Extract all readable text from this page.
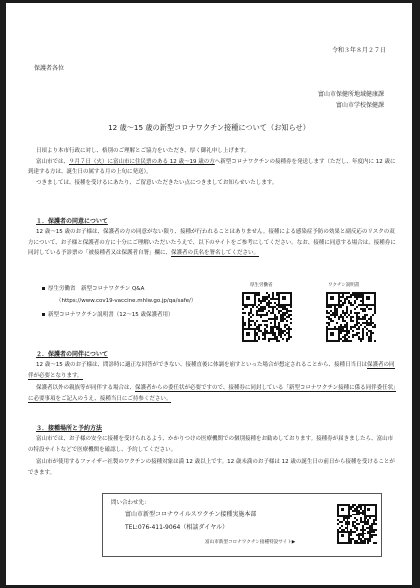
令和３年８月２７日
保護者各位
富山市保健所地域健康課
富山市学校保健課
12 歳～15 歳の新型コロナワクチン接種について（お知らせ）
日頃より本市行政に対し、格別のご理解とご協力をいただき、厚く御礼申し上げます。
富山市では、９月７日（火）に富山市に住民票のある 12 歳～19 歳の方へ新型コロナワクチンの接種券を発送します（ただし、年度内に 12 歳に到達する方は、誕生日の属する月の上旬に発送）。
つきましては、接種を受けるにあたり、ご留意いただきたい点につきましてお知らせいたします。
１．保護者の同意について
12 歳～15 歳のお子様は、保護者の方の同意がない限り、接種が行われることはありません。接種による感染症予防の効果と副反応のリスクの双方について、お子様と保護者の方に十分にご理解いただいたうえで、以下のサイトをご参考にしてください。なお、接種に同意する場合は、接種券に同封している予診票の「被接種者又は保護者自署」欄に、保護者の氏名を署名してください。
厚生労働省　新型コロナワクチン Q&A
（https://www.cov19-vaccine.mhlw.go.jp/qa/safe/）
新型コロナワクチン説明書（12～15 歳保護者用）
厚生労働省	ワクチン説明書
２．保護者の同伴について
12 歳～15 歳のお子様は、問診時に適正な回答ができない、接種直後に体調を崩すといった場合が想定されることから、接種日当日は保護者の同伴が必要となります。
保護者以外の親族等が同伴する場合は、保護者からの委任状が必要ですので、接種券に同封している「新型コロナワクチン接種に係る同伴委任状」に必要事項をご記入のうえ、接種当日にご持参ください。
３．接種場所と予約方法
富山市では、お子様の安全に接種を受けられるよう、かかりつけの医療機関での個別接種をお勧めしております。接種券が届きましたら、富山市の特設サイトなどで医療機関を確認し、予約してください。
富山市が使用するファイザー社製のワクチンの接種対象は満 12 歳以上です。12 歳未満のお子様は 12 歳の誕生日の前日から接種を受けることができます。
問い合わせ先：
富山市新型コロナウイルスワクチン接種実施本部
TEL:076-411-9064（相談ダイヤル）
富山市新型コロナワクチン接種特設サイト▶
